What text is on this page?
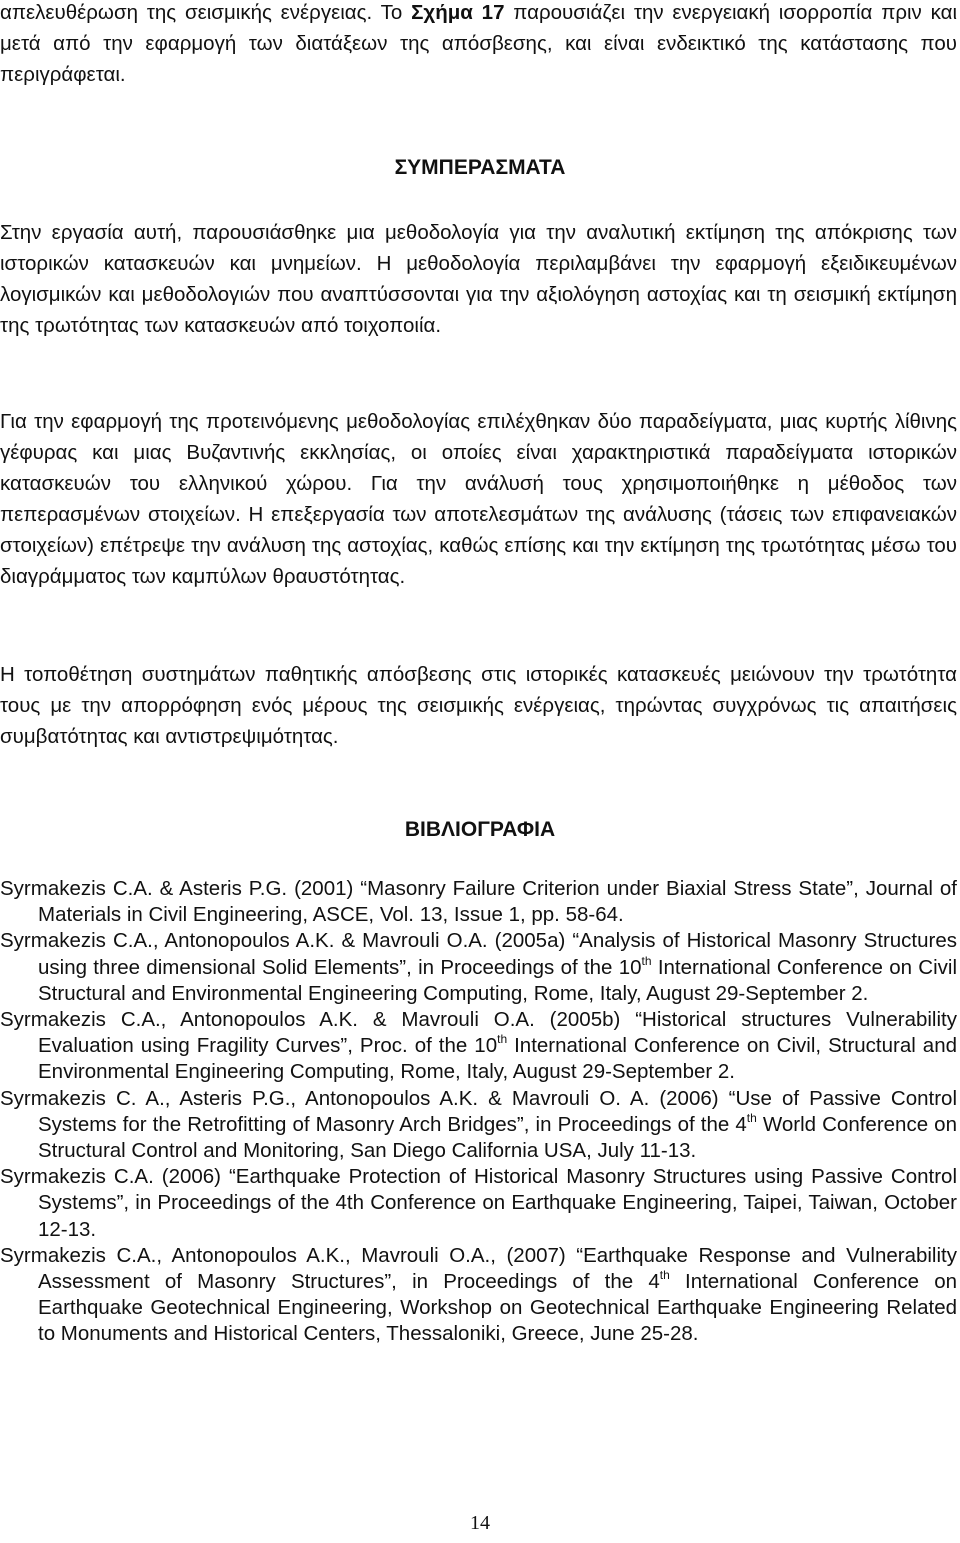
απελευθέρωση της σεισμικής ενέργειας. Το Σχήμα 17 παρουσιάζει την ενεργειακή ισορροπία πριν και μετά από την εφαρμογή των διατάξεων της απόσβεσης, και είναι ενδεικτικό της κατάστασης που περιγράφεται.

ΣΥΜΠΕΡΑΣΜΑΤΑ

Στην εργασία αυτή, παρουσιάσθηκε μια μεθοδολογία για την αναλυτική εκτίμηση της απόκρισης των ιστορικών κατασκευών και μνημείων. Η μεθοδολογία περιλαμβάνει την εφαρμογή εξειδικευμένων λογισμικών και μεθοδολογιών που αναπτύσσονται για την αξιολόγηση αστοχίας και τη σεισμική εκτίμηση της τρωτότητας των κατασκευών από τοιχοποιία.

Για την εφαρμογή της προτεινόμενης μεθοδολογίας επιλέχθηκαν δύο παραδείγματα, μιας κυρτής λίθινης γέφυρας και μιας Βυζαντινής εκκλησίας, οι οποίες είναι χαρακτηριστικά παραδείγματα ιστορικών κατασκευών του ελληνικού χώρου. Για την ανάλυσή τους χρησιμοποιήθηκε η μέθοδος των πεπερασμένων στοιχείων. Η επεξεργασία των αποτελεσμάτων της ανάλυσης (τάσεις των επιφανειακών στοιχείων) επέτρεψε την ανάλυση της αστοχίας, καθώς επίσης και την εκτίμηση της τρωτότητας μέσω του διαγράμματος των καμπύλων θραυστότητας.

Η τοποθέτηση συστημάτων παθητικής απόσβεσης στις ιστορικές κατασκευές μειώνουν την τρωτότητα τους με την απορρόφηση ενός μέρους της σεισμικής ενέργειας, τηρώντας συγχρόνως τις απαιτήσεις συμβατότητας και αντιστρεψιμότητας.

ΒΙΒΛΙΟΓΡΑΦΙΑ

Syrmakezis C.A. & Asteris P.G. (2001) “Masonry Failure Criterion under Biaxial Stress State”, Journal of Materials in Civil Engineering, ASCE, Vol. 13, Issue 1, pp. 58-64.

Syrmakezis C.A., Antonopoulos A.K. & Mavrouli O.A. (2005a) “Analysis of Historical Masonry Structures using three dimensional Solid Elements”, in Proceedings of the 10th International Conference on Civil Structural and Environmental Engineering Computing, Rome, Italy, August 29-September 2.

Syrmakezis C.A., Antonopoulos A.K. & Mavrouli O.A. (2005b) “Historical structures Vulnerability Evaluation using Fragility Curves”, Proc. of the 10th International Conference on Civil, Structural and Environmental Engineering Computing, Rome, Italy, August 29-September 2.

Syrmakezis C. A., Asteris P.G., Antonopoulos A.K. & Mavrouli O. A. (2006) “Use of Passive Control Systems for the Retrofitting of Masonry Arch Bridges”, in Proceedings of the 4th World Conference on Structural Control and Monitoring, San Diego California USA, July 11-13.

Syrmakezis C.A. (2006) “Earthquake Protection of Historical Masonry Structures using Passive Control Systems”, in Proceedings of the 4th Conference on Earthquake Engineering, Taipei, Taiwan, October 12-13.

Syrmakezis C.A., Antonopoulos A.K., Mavrouli O.A., (2007) “Earthquake Response and Vulnerability Assessment of Masonry Structures”, in Proceedings of the 4th International Conference on Earthquake Geotechnical Engineering, Workshop on Geotechnical Earthquake Engineering Related to Monuments and Historical Centers, Thessaloniki, Greece, June 25-28.

14
